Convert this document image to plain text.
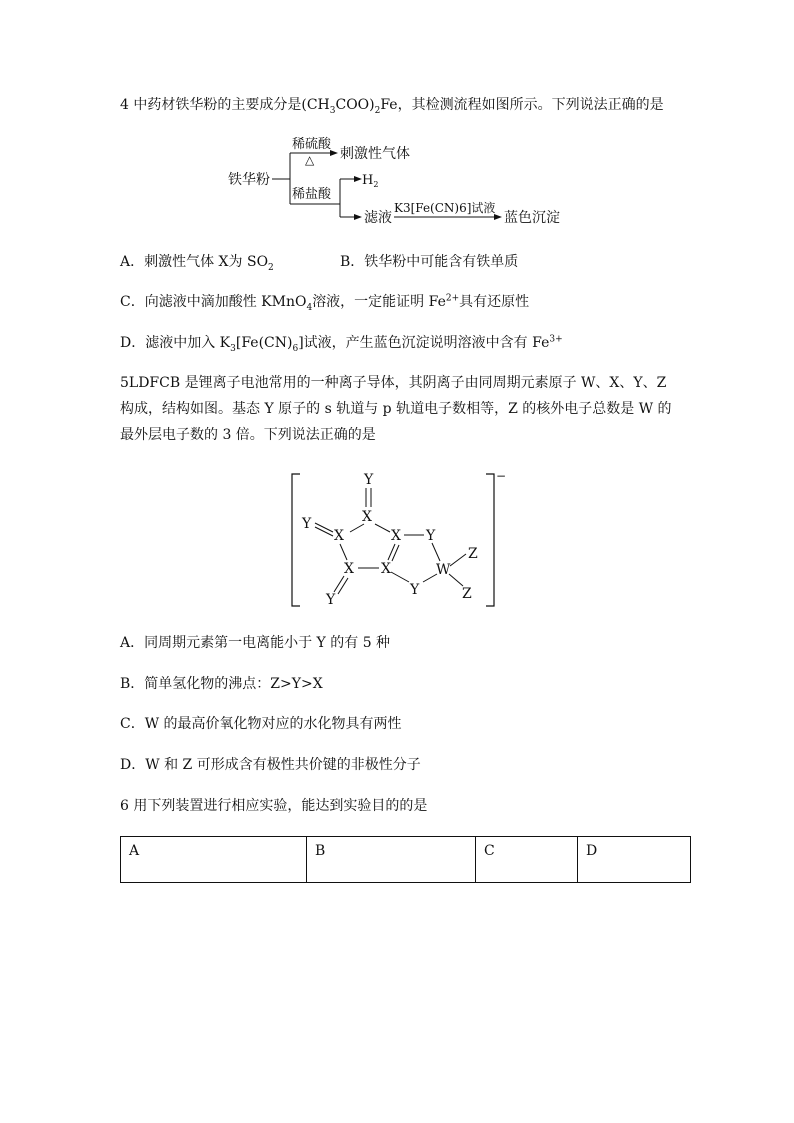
4 中药材铁华粉的主要成分是$(CH_3COO)_2Fe$，其检测流程如图所示。下列说法正确的是
铁华粉
稀硫酸
△ 刺激性气体
稀盐酸
$H_2$
滤液
K3[Fe(CN)6]试液
蓝色沉淀
A．刺激性气体 X为 $SO_2$	B．铁华粉中可能含有铁单质
C．向滤液中滴加酸性 KMnO$_4$溶液，一定能证明 $Fe^{2+}$具有还原性
D．滤液中加入 $K_3[Fe(CN)_6]$试液，产生蓝色沉淀说明溶液中含有 $Fe^{3+}$
5LDFCB 是锂离子电池常用的一种离子导体，其阴离子由同周期元素原子 W、X、Y、Z 构成，结构如图。基态 Y 原子的 s 轨道与 p 轨道电子数相等，Z 的核外电子总数是 W 的最外层电子数的 3 倍。下列说法正确的是
−
Y
X
Y
X	X Y
X X
Y
W
Z
Z
Y
A．同周期元素第一电离能小于 Y 的有 5 种
B．简单氢化物的沸点：Z>Y>X
C．W 的最高价氧化物对应的水化物具有两性
D．W 和 Z 可形成含有极性共价键的非极性分子
6 用下列装置进行相应实验，能达到实验目的的是
A	B	C	D
